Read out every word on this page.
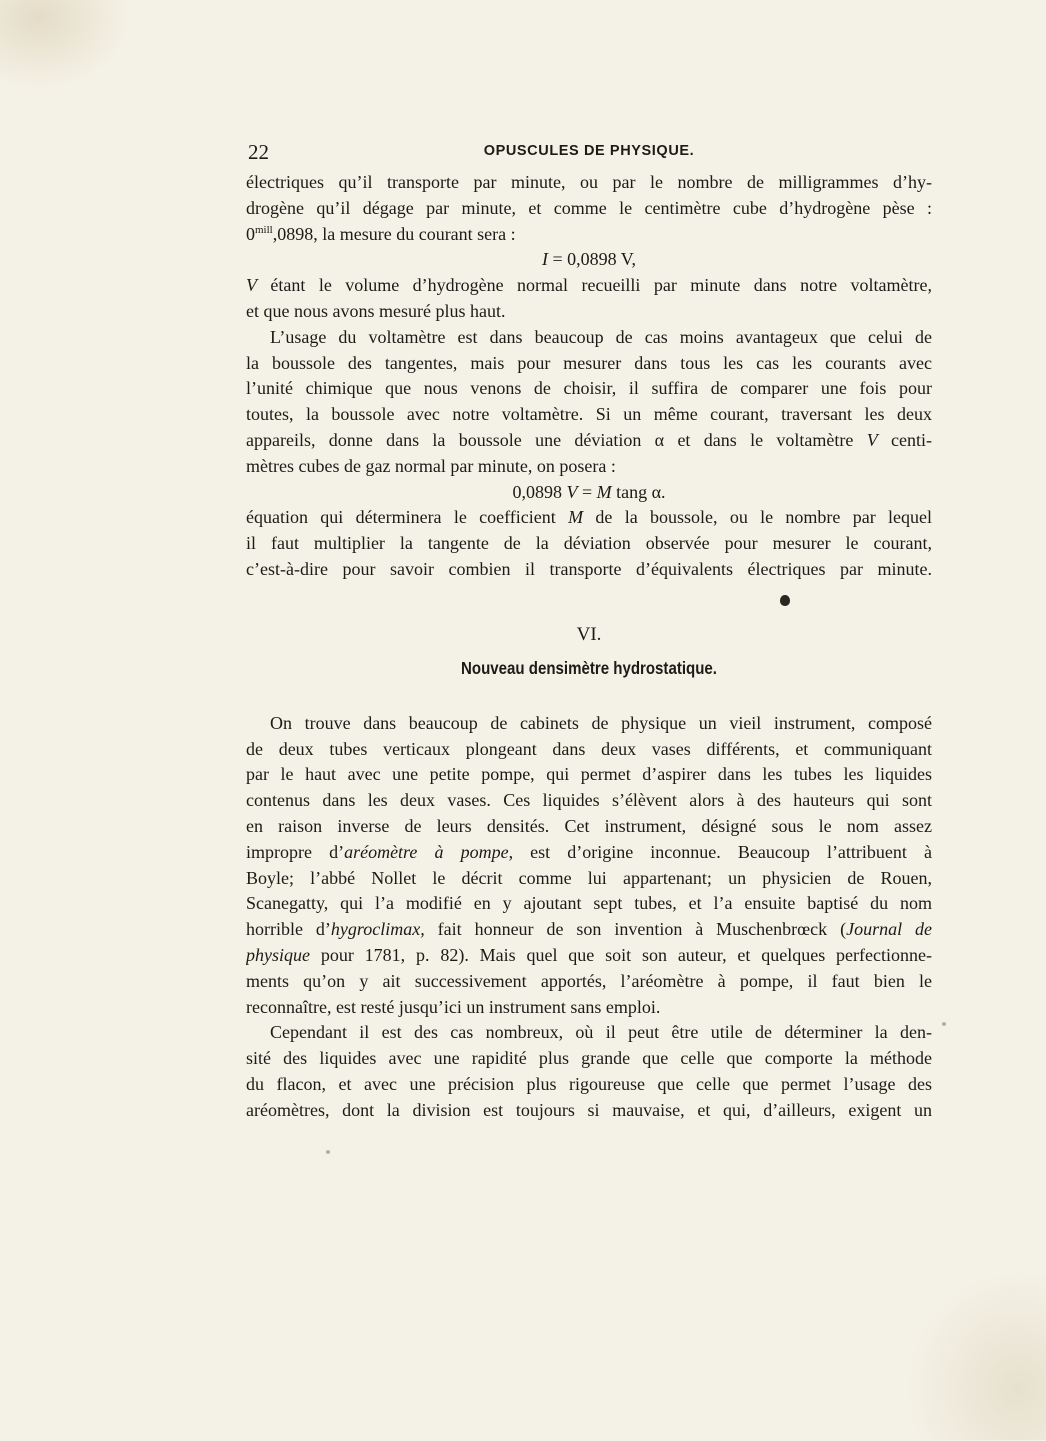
22	OPUSCULES DE PHYSIQUE.
électriques qu’il transporte par minute, ou par le nombre de milligrammes d’hy-
drogène qu’il dégage par minute, et comme le centimètre cube d’hydrogène pèse :
$0^{mill},0898$, la mesure du courant sera :
I = 0,0898 V,
V étant le volume d’hydrogène normal recueilli par minute dans notre voltamètre,
et que nous avons mesuré plus haut.
L’usage du voltamètre est dans beaucoup de cas moins avantageux que celui de
la boussole des tangentes, mais pour mesurer dans tous les cas les courants avec
l’unité chimique que nous venons de choisir, il suffira de comparer une fois pour
toutes, la boussole avec notre voltamètre. Si un même courant, traversant les deux
appareils, donne dans la boussole une déviation α et dans le voltamètre V centi-
mètres cubes de gaz normal par minute, on posera :
0,0898 V = M tang α.
équation qui déterminera le coefficient M de la boussole, ou le nombre par lequel
il faut multiplier la tangente de la déviation observée pour mesurer le courant,
c’est-à-dire pour savoir combien il transporte d’équivalents électriques par minute.
VI.
Nouveau densimètre hydrostatique.
On trouve dans beaucoup de cabinets de physique un vieil instrument, composé
de deux tubes verticaux plongeant dans deux vases différents, et communiquant
par le haut avec une petite pompe, qui permet d’aspirer dans les tubes les liquides
contenus dans les deux vases. Ces liquides s’élèvent alors à des hauteurs qui sont
en raison inverse de leurs densités. Cet instrument, désigné sous le nom assez
impropre d’aréomètre à pompe, est d’origine inconnue. Beaucoup l’attribuent à
Boyle; l’abbé Nollet le décrit comme lui appartenant; un physicien de Rouen,
Scanegatty, qui l’a modifié en y ajoutant sept tubes, et l’a ensuite baptisé du nom
horrible d’hygroclimax, fait honneur de son invention à Muschenbrœck (Journal de
physique pour 1781, p. 82). Mais quel que soit son auteur, et quelques perfectionne-
ments qu’on y ait successivement apportés, l’aréomètre à pompe, il faut bien le
reconnaître, est resté jusqu’ici un instrument sans emploi.
Cependant il est des cas nombreux, où il peut être utile de déterminer la den-
sité des liquides avec une rapidité plus grande que celle que comporte la méthode
du flacon, et avec une précision plus rigoureuse que celle que permet l’usage des
aréomètres, dont la division est toujours si mauvaise, et qui, d’ailleurs, exigent un
